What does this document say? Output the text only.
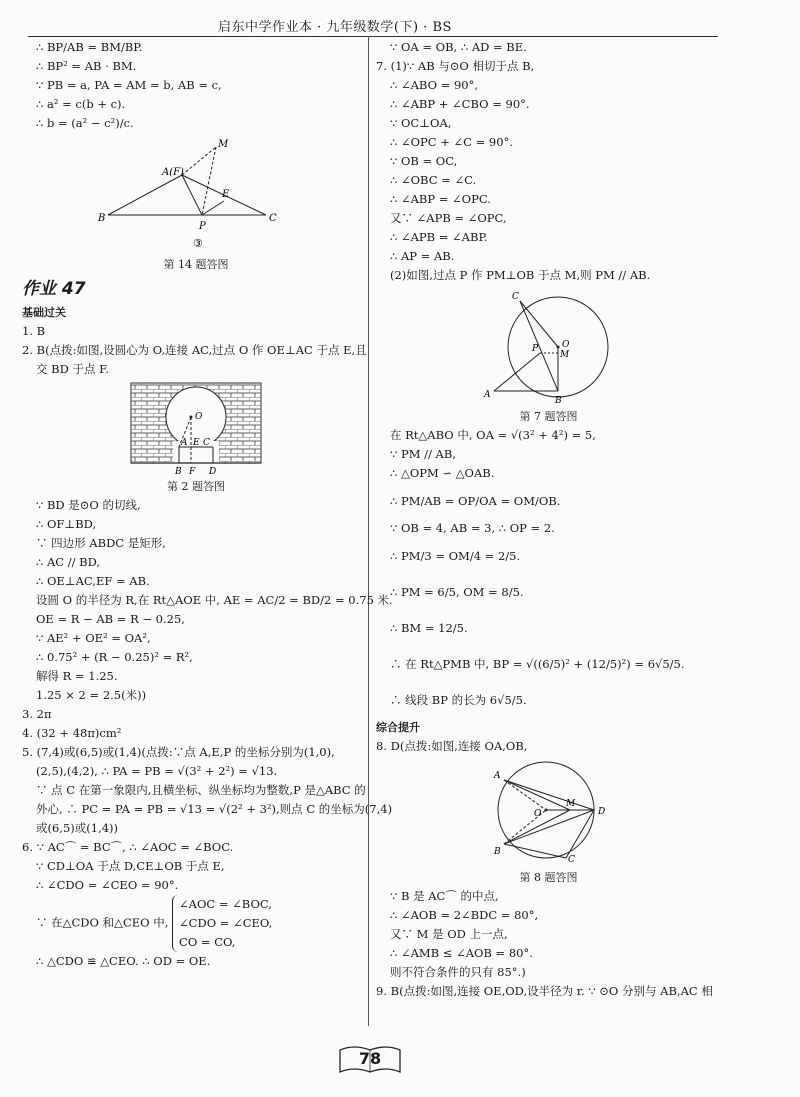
启东中学作业本 · 九年级数学(下) · BS
∴ BP/AB = BM/BP.
∴ BP² = AB · BM.
∵ PB = a, PA = AM = b, AB = c,
∴ a² = c(b + c).
∴ b = (a² − c²)/c.
A(F)
M
E
B	C
P
③
第 14 题答图
作业 47
基础过关
1. B
2. B(点拨:如图,设圆心为 O,连接 AC,过点 O 作 OE⊥AC 于点 E,且
交 BD 于点 F.
O
A E C
B F D
第 2 题答图
∵ BD 是⊙O 的切线,
∴ OF⊥BD,
∵ 四边形 ABDC 是矩形,
∴ AC // BD,
∴ OE⊥AC,EF = AB.
设圆 O 的半径为 R,在 Rt△AOE 中, AE = AC/2 = BD/2 = 0.75 米.
OE = R − AB = R − 0.25,
∵ AE² + OE² = OA²,
∴ 0.75² + (R − 0.25)² = R²,
解得 R = 1.25.
1.25 × 2 = 2.5(米))
3. 2π
4. (32 + 48π)cm²
5. (7,4)或(6,5)或(1,4)(点拨:∵点 A,E,P 的坐标分别为(1,0),
(2,5),(4,2), ∴ PA = PB = √(3² + 2²) = √13.
∵ 点 C 在第一象限内,且横坐标、纵坐标均为整数,P 是△ABC 的
外心, ∴ PC = PA = PB = √13 = √(2² + 3²),则点 C 的坐标为(7,4)
或(6,5)或(1,4))
6. ∵ AC⌒ = BC⌒, ∴ ∠AOC = ∠BOC.
∵ CD⊥OA 于点 D,CE⊥OB 于点 E,
∴ ∠CDO = ∠CEO = 90°.
∵ 在△CDO 和△CEO 中,
∠AOC = ∠BOC,
∠CDO = ∠CEO,
CO = CO,
∴ △CDO ≌ △CEO. ∴ OD = OE.
∵ OA = OB, ∴ AD = BE.
7. (1)∵ AB 与⊙O 相切于点 B,
∴ ∠ABO = 90°,
∴ ∠ABP + ∠CBO = 90°.
∵ OC⊥OA,
∴ ∠OPC + ∠C = 90°.
∵ OB = OC,
∴ ∠OBC = ∠C.
∴ ∠ABP = ∠OPC.
又∵ ∠APB = ∠OPC,
∴ ∠APB = ∠ABP.
∴ AP = AB.
(2)如图,过点 P 作 PM⊥OB 于点 M,则 PM // AB.
C
P	O
M
A
B
第 7 题答图
在 Rt△ABO 中, OA = √(3² + 4²) = 5,
∵ PM // AB,
∴ △OPM ∽ △OAB.
∴ PM/AB = OP/OA = OM/OB.
∵ OB = 4, AB = 3, ∴ OP = 2.
∴ PM/3 = OM/4 = 2/5.
∴ PM = 6/5, OM = 8/5.
∴ BM = 12/5.
∴ 在 Rt△PMB 中, BP = √((6/5)² + (12/5)²) = 6√5/5.
∴ 线段 BP 的长为 6√5/5.
综合提升
8. D(点拨:如图,连接 OA,OB,
A
O
M
D
B
C
第 8 题答图
∵ B 是 AC⌒ 的中点,
∴ ∠AOB = 2∠BDC = 80°,
又∵ M 是 OD 上一点,
∴ ∠AMB ≤ ∠AOB = 80°.
则不符合条件的只有 85°.)
9. B(点拨:如图,连接 OE,OD,设半径为 r. ∵ ⊙O 分别与 AB,AC 相
78
